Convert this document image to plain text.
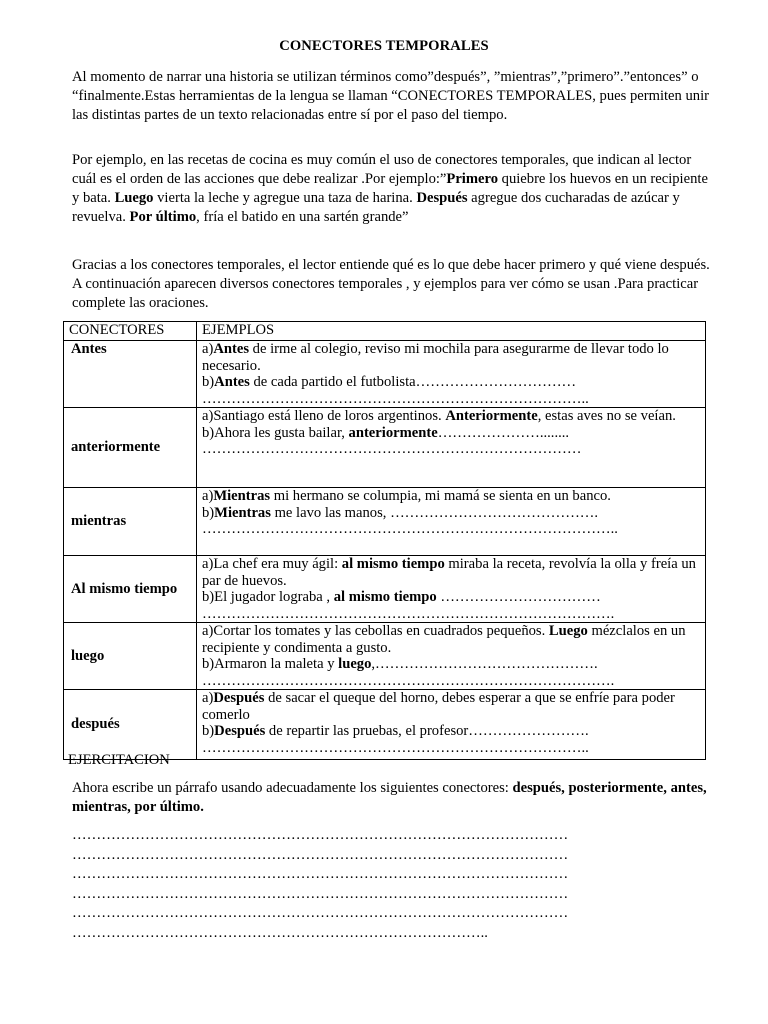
CONECTORES TEMPORALES

Al momento de narrar una historia se utilizan términos como”después”, ”mientras”,”primero”.”entonces” o “finalmente.Estas herramientas de la lengua se llaman “CONECTORES TEMPORALES, pues permiten unir las distintas partes de un texto relacionadas entre sí por el paso del tiempo.

Por ejemplo, en las recetas de cocina es muy común el uso de conectores temporales, que indican al lector cuál es el orden de las acciones que debe realizar .Por ejemplo:”Primero quiebre los huevos en un recipiente y bata. Luego vierta la leche y agregue una taza de harina. Después agregue dos cucharadas de azúcar y revuelva. Por último, fría el batido en una sartén grande”

Gracias a los conectores temporales, el lector entiende qué es lo que debe hacer primero y qué viene después. A continuación aparecen diversos conectores temporales , y ejemplos para ver cómo se usan .Para practicar complete las oraciones.

CONECTORES	EJEMPLOS
Antes	a)Antes de irme al colegio, reviso mi mochila para asegurarme de llevar todo lo necesario.
b)Antes de cada partido el futbolista……………………………
……………………………………………………………………..

anteriormente	a)Santiago está lleno de loros argentinos. Anteriormente, estas aves no se veían.
b)Ahora les gusta bailar, anteriormente…………………........
……………………………………………………………………

mientras	a)Mientras mi hermano se columpia, mi mamá se sienta en un banco.
b)Mientras me lavo las manos, …………………………………….
…………………………………………………………………………..

Al mismo tiempo	a)La chef era muy ágil: al mismo tiempo miraba la receta, revolvía la olla y freía un par de huevos.
b)El jugador lograba , al mismo tiempo ……………………………
………………………………………………………………………….

luego	a)Cortar los tomates y las cebollas en cuadrados pequeños. Luego mézclalos en un recipiente y condimenta a gusto.
b)Armaron la maleta y luego,……………………………………….
………………………………………………………………………….

después	a)Después de sacar el queque del horno, debes esperar a que se enfríe para poder comerlo
b)Después de repartir las pruebas, el profesor…………………….
……………………………………………………………………..
EJERCITACION

Ahora escribe un párrafo usando adecuadamente los siguientes conectores: después, posteriormente, antes, mientras, por último.

…………………………………………………………………………………………
…………………………………………………………………………………………
…………………………………………………………………………………………
…………………………………………………………………………………………
…………………………………………………………………………………………
…………………………………………………………………………..
